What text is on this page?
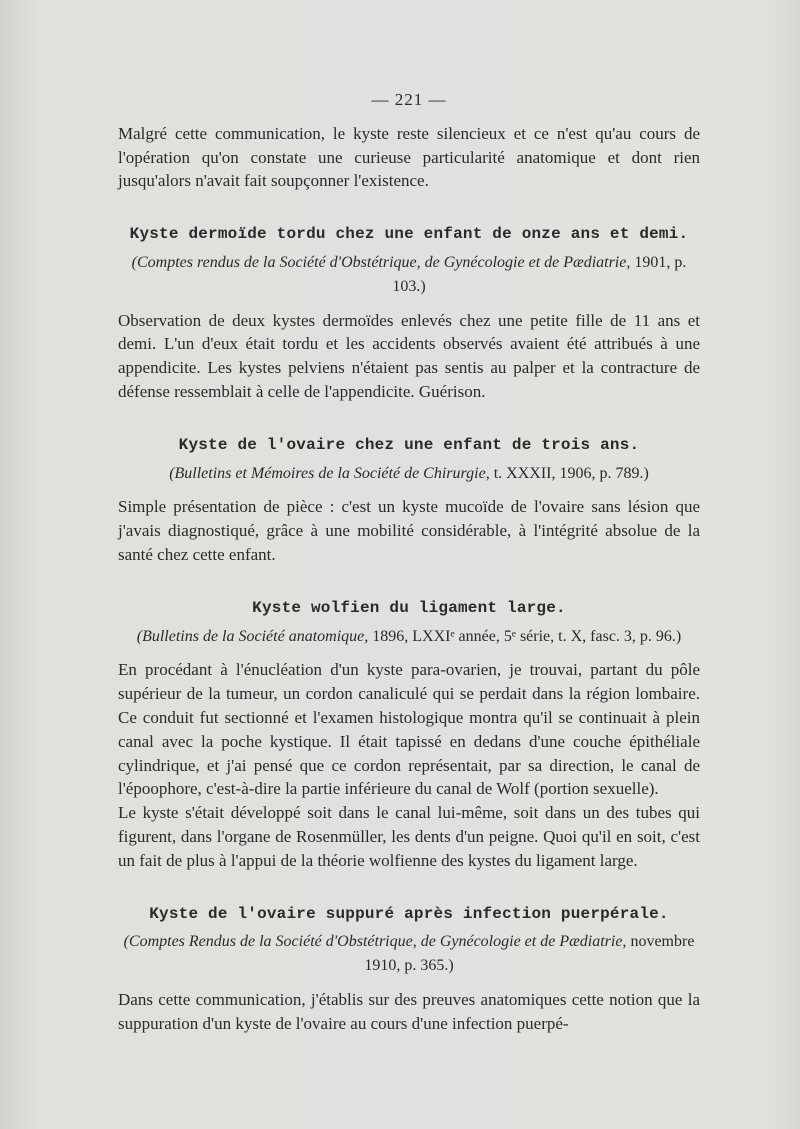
— 221 —

Malgré cette communication, le kyste reste silencieux et ce n'est qu'au cours de l'opération qu'on constate une curieuse particularité anatomique et dont rien jusqu'alors n'avait fait soupçonner l'existence.

Kyste dermoïde tordu chez une enfant de onze ans et demi.
(Comptes rendus de la Société d'Obstétrique, de Gynécologie et de Pædiatrie, 1901, p. 103.)

Observation de deux kystes dermoïdes enlevés chez une petite fille de 11 ans et demi. L'un d'eux était tordu et les accidents observés avaient été attribués à une appendicite. Les kystes pelviens n'étaient pas sentis au palper et la contracture de défense ressemblait à celle de l'appendicite. Guérison.

Kyste de l'ovaire chez une enfant de trois ans.
(Bulletins et Mémoires de la Société de Chirurgie, t. XXXII, 1906, p. 789.)

Simple présentation de pièce : c'est un kyste mucoïde de l'ovaire sans lésion que j'avais diagnostiqué, grâce à une mobilité considérable, à l'intégrité absolue de la santé chez cette enfant.

Kyste wolfien du ligament large.
(Bulletins de la Société anatomique, 1896, LXXIᵉ année, 5ᵉ série, t. X, fasc. 3, p. 96.)

En procédant à l'énucléation d'un kyste para-ovarien, je trouvai, partant du pôle supérieur de la tumeur, un cordon canaliculé qui se perdait dans la région lombaire. Ce conduit fut sectionné et l'examen histologique montra qu'il se continuait à plein canal avec la poche kystique. Il était tapissé en dedans d'une couche épithéliale cylindrique, et j'ai pensé que ce cordon représentait, par sa direction, le canal de l'époophore, c'est-à-dire la partie inférieure du canal de Wolf (portion sexuelle).

Le kyste s'était développé soit dans le canal lui-même, soit dans un des tubes qui figurent, dans l'organe de Rosenmüller, les dents d'un peigne. Quoi qu'il en soit, c'est un fait de plus à l'appui de la théorie wolfienne des kystes du ligament large.

Kyste de l'ovaire suppuré après infection puerpérale.
(Comptes Rendus de la Société d'Obstétrique, de Gynécologie et de Pædiatrie, novembre 1910, p. 365.)

Dans cette communication, j'établis sur des preuves anatomiques cette notion que la suppuration d'un kyste de l'ovaire au cours d'une infection puerpé-
